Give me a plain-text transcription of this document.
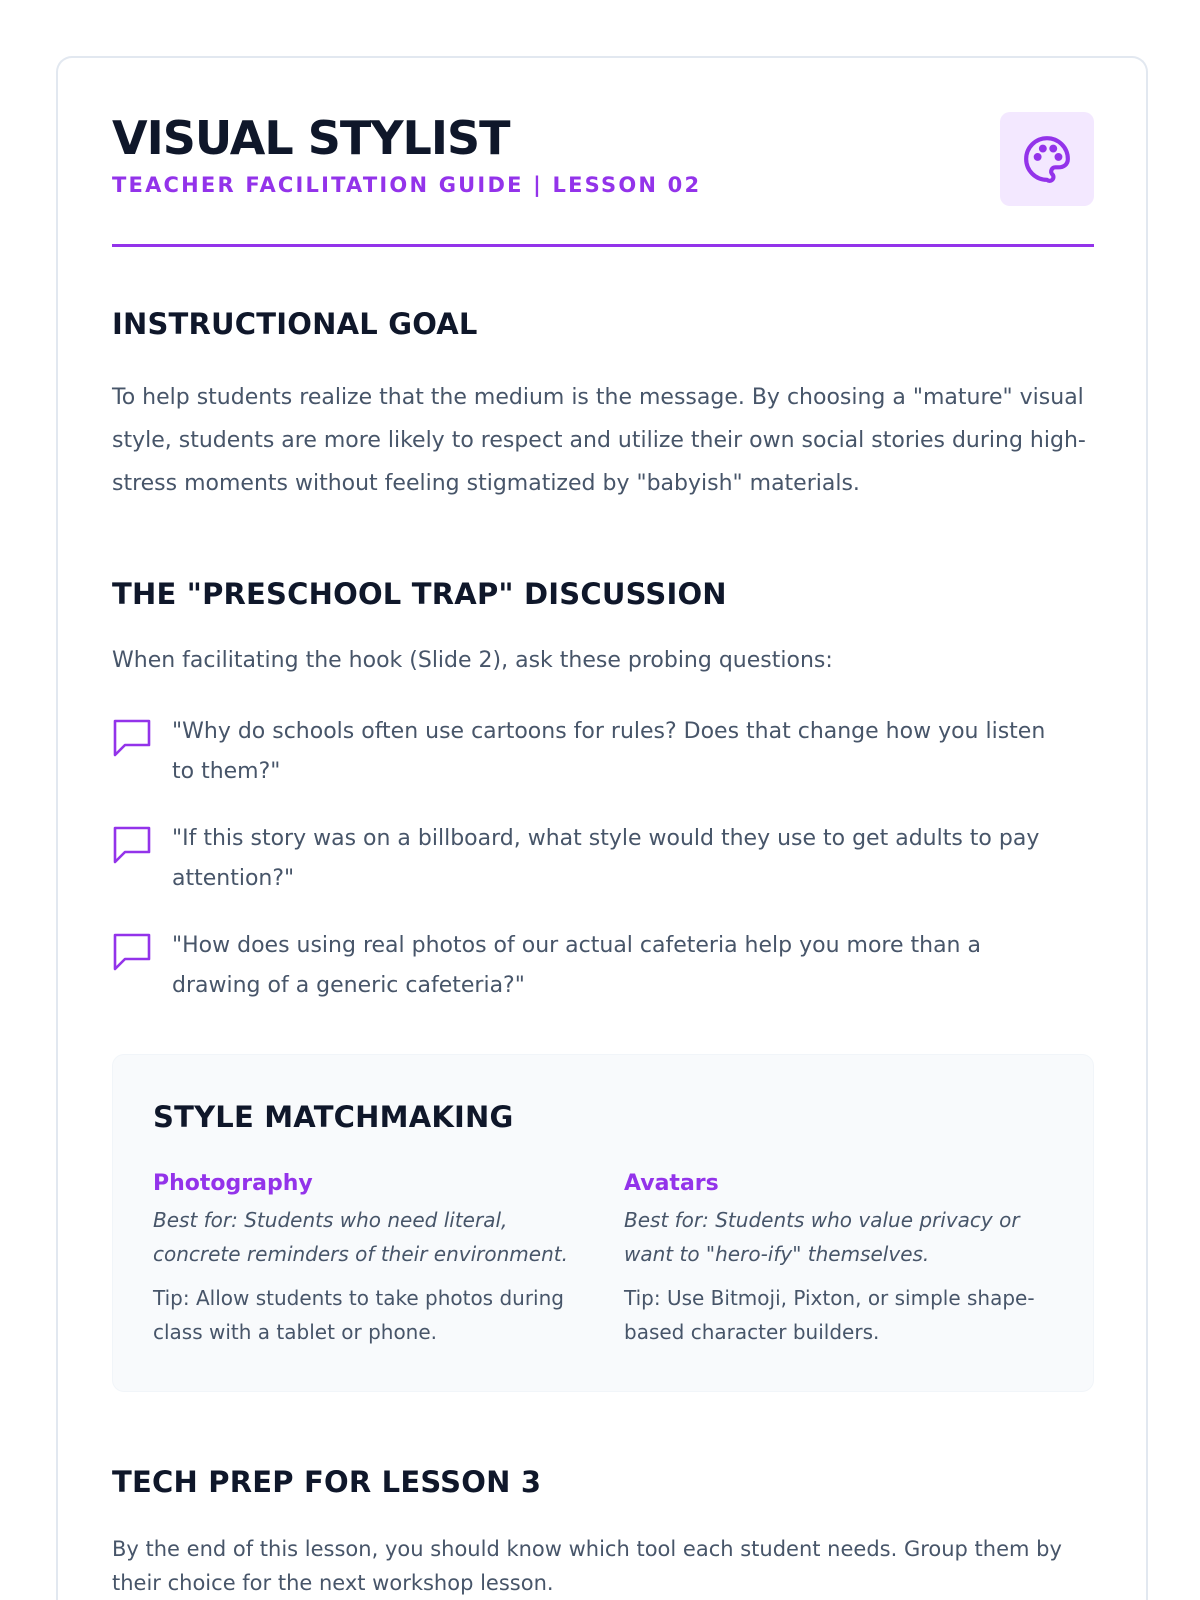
VISUAL STYLIST
TEACHER FACILITATION GUIDE | LESSON 02
INSTRUCTIONAL GOAL

To help students realize that the medium is the message. By choosing a "mature" visual style, students are more likely to respect and utilize their own social stories during high-stress moments without feeling stigmatized by "babyish" materials.

THE "PRESCHOOL TRAP" DISCUSSION

When facilitating the hook (Slide 2), ask these probing questions:

"Why do schools often use cartoons for rules? Does that change how you listen to them?"
"If this story was on a billboard, what style would they use to get adults to pay attention?"
"How does using real photos of our actual cafeteria help you more than a drawing of a generic cafeteria?"
STYLE MATCHMAKING
Photography
Best for: Students who need literal, concrete reminders of their environment.
Tip: Allow students to take photos during class with a tablet or phone.
Avatars
Best for: Students who value privacy or want to "hero-ify" themselves.
Tip: Use Bitmoji, Pixton, or simple shape-based character builders.
TECH PREP FOR LESSON 3

By the end of this lesson, you should know which tool each student needs. Group them by their choice for the next workshop lesson.
